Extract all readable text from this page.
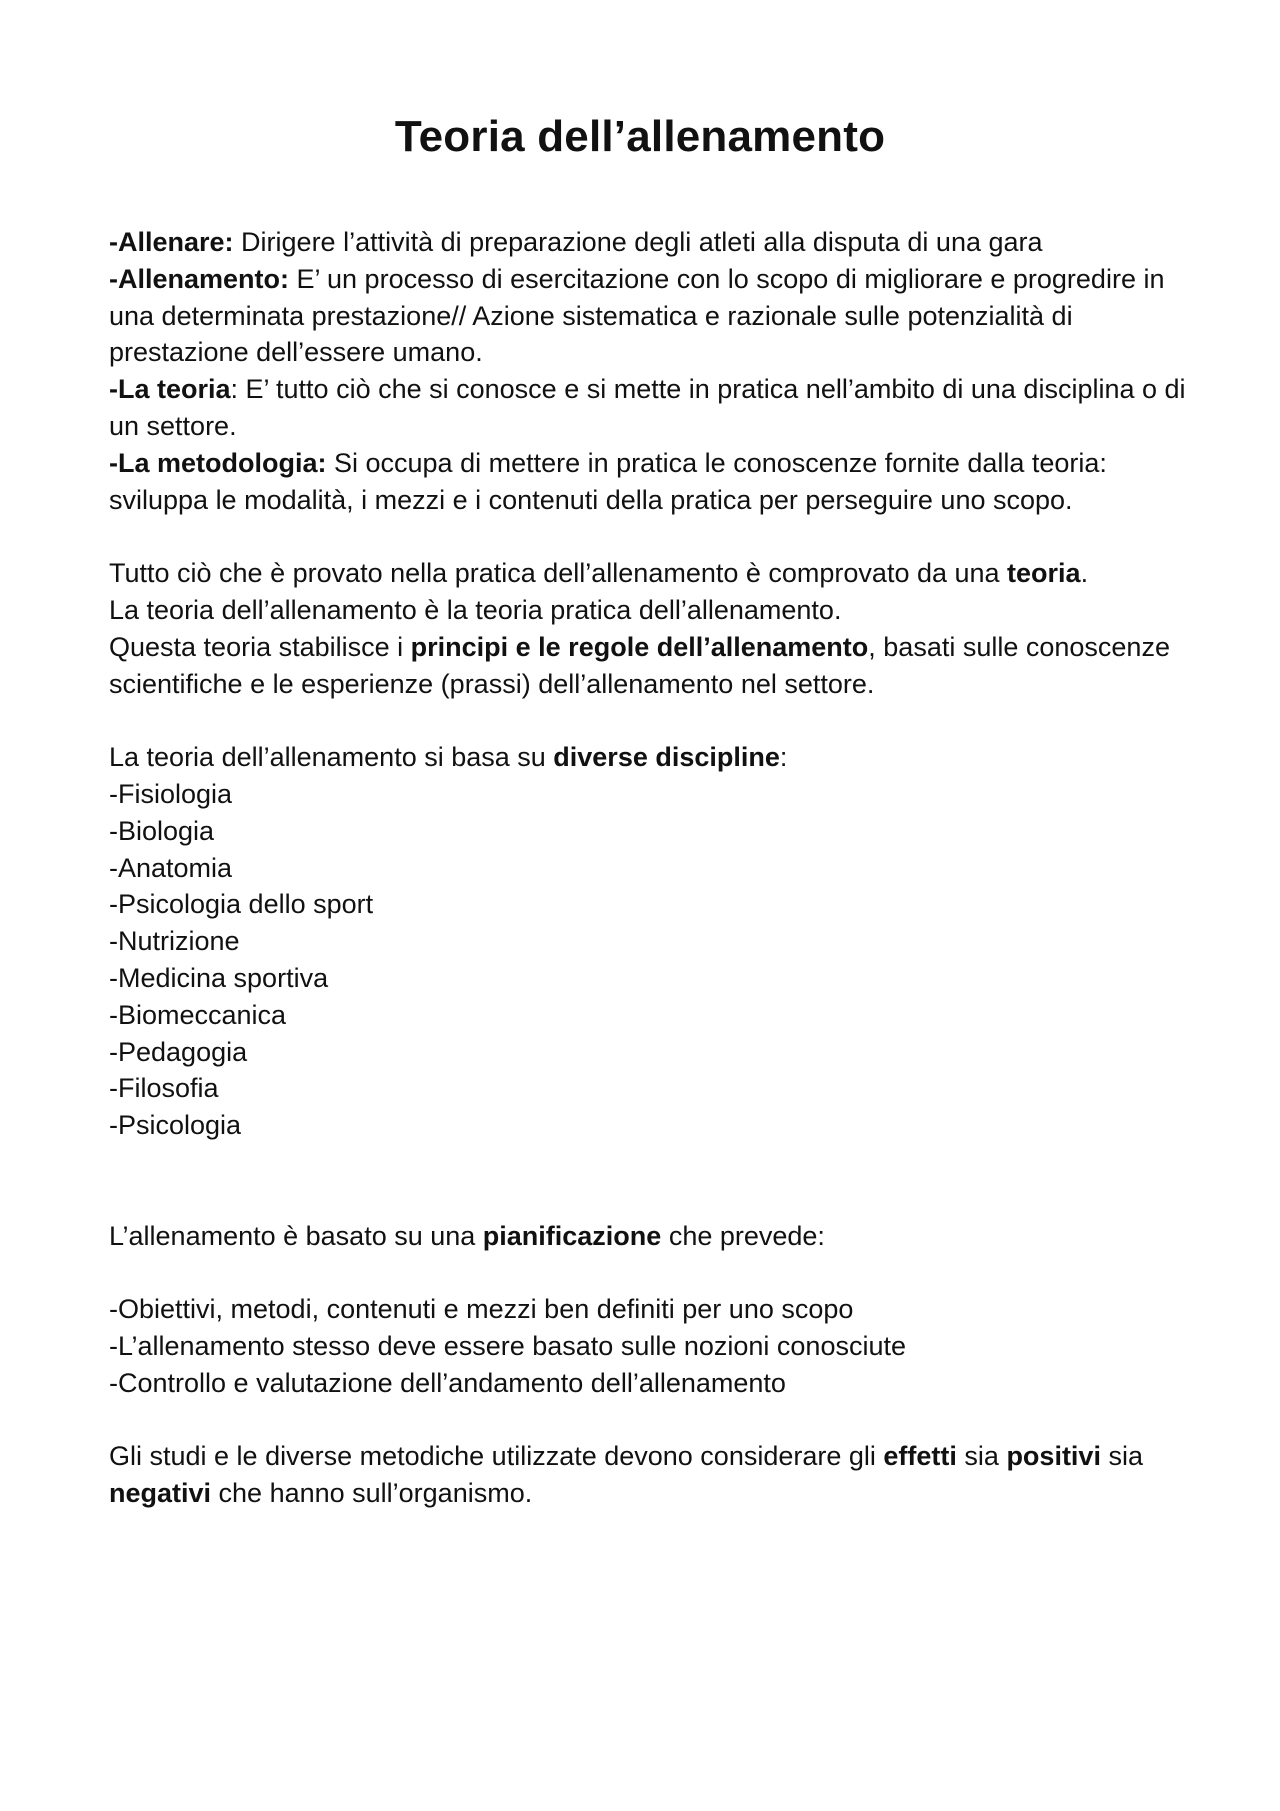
Teoria dell’allenamento

-Allenare: Dirigere l’attività di preparazione degli atleti alla disputa di una gara

-Allenamento: E’ un processo di esercitazione con lo scopo di migliorare e progredire in una determinata prestazione// Azione sistematica e razionale sulle potenzialità di prestazione dell’essere umano.

-La teoria: E’ tutto ciò che si conosce e si mette in pratica nell’ambito di una disciplina o di un settore.

-La metodologia: Si occupa di mettere in pratica le conoscenze fornite dalla teoria: sviluppa le modalità, i mezzi e i contenuti della pratica per perseguire uno scopo.

Tutto ciò che è provato nella pratica dell’allenamento è comprovato da una teoria.

La teoria dell’allenamento è la teoria pratica dell’allenamento.

Questa teoria stabilisce i principi e le regole dell’allenamento, basati sulle conoscenze scientifiche e le esperienze (prassi) dell’allenamento nel settore.

La teoria dell’allenamento si basa su diverse discipline:

-Fisiologia

-Biologia

-Anatomia

-Psicologia dello sport

-Nutrizione

-Medicina sportiva

-Biomeccanica

-Pedagogia

-Filosofia

-Psicologia

L’allenamento è basato su una pianificazione che prevede:

-Obiettivi, metodi, contenuti e mezzi ben definiti per uno scopo

-L’allenamento stesso deve essere basato sulle nozioni conosciute

-Controllo e valutazione dell’andamento dell’allenamento

Gli studi e le diverse metodiche utilizzate devono considerare gli effetti sia positivi sia negativi che hanno sull’organismo.
